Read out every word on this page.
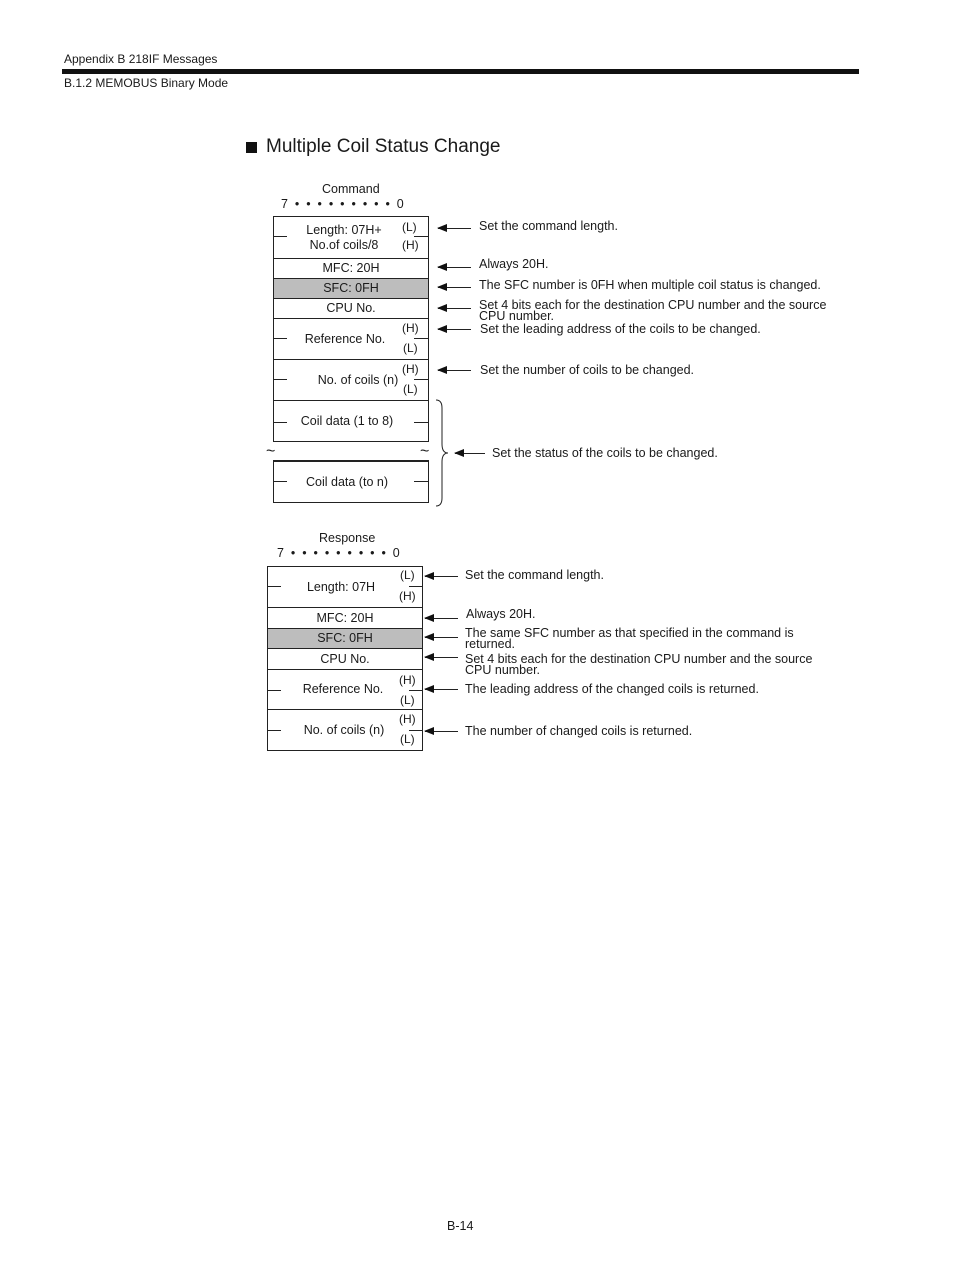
Appendix B 218IF Messages
B.1.2 MEMOBUS Binary Mode
Multiple Coil Status Change
Command
7  •  •  •  •  •  •  •  •  •  0
Length: 07H+
No.of coils/8
MFC: 20H
SFC: 0FH
CPU No.
Reference No.
No. of coils (n)
Coil data (1 to 8)
Coil data (to n)
~	~
(L)
(H)
(H)
(L)
(H)
(L)
Set the command length.
Always 20H.
The SFC number is 0FH when multiple coil status is changed.
Set 4 bits each for the destination CPU number and the source
CPU number.
Set the leading address of the coils to be changed.
Set the number of coils to be changed.
Set the status of the coils to be changed.
Response
7  •  •  •  •  •  •  •  •  •  0
Length: 07H
MFC: 20H
SFC: 0FH
CPU No.
Reference No.
No. of coils (n)
(L)
(H)
(H)
(L)
(H)
(L)
Set the command length.
Always 20H.
The same SFC number as that specified in the command is
returned.
Set 4 bits each for the destination CPU number and the source
CPU number.
The leading address of the changed coils is returned.
The number of changed coils is returned.
B-14
